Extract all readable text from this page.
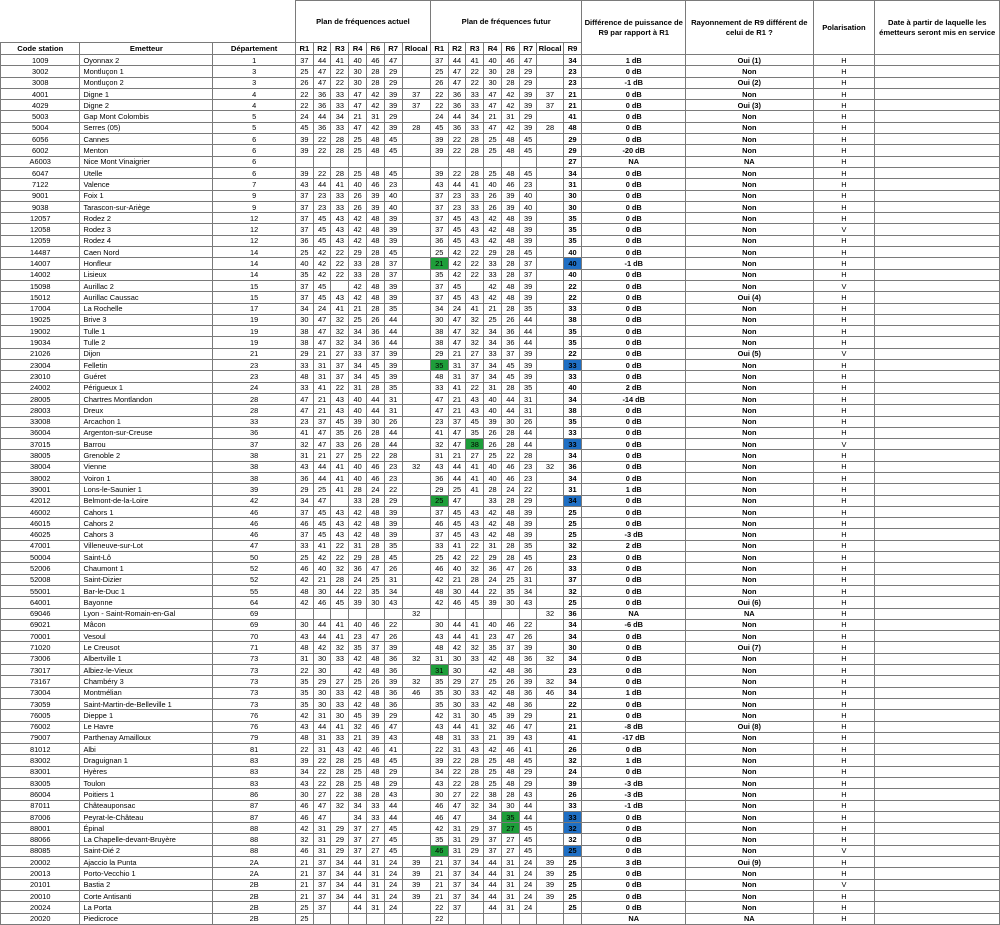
			Plan de fréquences actuel							Plan de fréquences futur								Différence de puissance de R9 par rapport à R1	Rayonnement de R9 différent de celui de R1 ?	Polarisation	Date à partir de laquelle les émetteurs seront mis en service
Code station	Emetteur	Département	R1	R2	R3	R4	R6	R7	Rlocal	R1	R2	R3	R4	R6	R7	Rlocal	R9				
1009	Oyonnax 2	1	37	44	41	40	46	47		37	44	41	40	46	47		34	1 dB	Oui (1)	H	
3002	Montluçon 1	3	25	47	22	30	28	29		25	47	22	30	28	29		23	0 dB	Non	H	
3008	Montluçon 2	3	26	47	22	30	28	29		26	47	22	30	28	29		23	-1 dB	Oui (2)	H	
4001	Digne 1	4	22	36	33	47	42	39	37	22	36	33	47	42	39	37	21	0 dB	Non	H	
4029	Digne 2	4	22	36	33	47	42	39	37	22	36	33	47	42	39	37	21	0 dB	Oui (3)	H	
5003	Gap Mont Colombis	5	24	44	34	21	31	29		24	44	34	21	31	29		41	0 dB	Non	H	
5004	Serres (05)	5	45	36	33	47	42	39	28	45	36	33	47	42	39	28	48	0 dB	Non	H	
6056	Cannes	6	39	22	28	25	48	45		39	22	28	25	48	45		29	0 dB	Non	H	
6002	Menton	6	39	22	28	25	48	45		39	22	28	25	48	45		29	-20 dB	Non	H	
A6003	Nice Mont Vinaigrier	6															27	NA	NA	H	
6047	Utelle	6	39	22	28	25	48	45		39	22	28	25	48	45		34	0 dB	Non	H	
7122	Valence	7	43	44	41	40	46	23		43	44	41	40	46	23		31	0 dB	Non	H	
9001	Foix 1	9	37	23	33	26	39	40		37	23	33	26	39	40		30	0 dB	Non	H	
9038	Tarascon-sur-Ariège	9	37	23	33	26	39	40		37	23	33	26	39	40		30	0 dB	Non	H	
12057	Rodez 2	12	37	45	43	42	48	39		37	45	43	42	48	39		35	0 dB	Non	H	
12058	Rodez 3	12	37	45	43	42	48	39		37	45	43	42	48	39		35	0 dB	Non	V	
12059	Rodez 4	12	36	45	43	42	48	39		36	45	43	42	48	39		35	0 dB	Non	H	
14487	Caen Nord	14	25	42	22	29	28	45		25	42	22	29	28	45		40	0 dB	Non	H	
14007	Honfleur	14	40	42	22	33	28	37		21	42	22	33	28	37		40	-1 dB	Non	H	
14002	Lisieux	14	35	42	22	33	28	37		35	42	22	33	28	37		40	0 dB	Non	H	
15098	Aurillac 2	15	37	45		42	48	39		37	45		42	48	39		22	0 dB	Non	V	
15012	Aurillac Caussac	15	37	45	43	42	48	39		37	45	43	42	48	39		22	0 dB	Oui (4)	H	
17004	La Rochelle	17	34	24	41	21	28	35		34	24	41	21	28	35		33	0 dB	Non	H	
19025	Brive 3	19	30	47	32	25	26	44		30	47	32	25	26	44		38	0 dB	Non	H	
19002	Tulle 1	19	38	47	32	34	36	44		38	47	32	34	36	44		35	0 dB	Non	H	
19034	Tulle 2	19	38	47	32	34	36	44		38	47	32	34	36	44		35	0 dB	Non	H	
21026	Dijon	21	29	21	27	33	37	39		29	21	27	33	37	39		22	0 dB	Oui (5)	V	
23004	Felletin	23	33	31	37	34	45	39		35	31	37	34	45	39		33	0 dB	Non	H	
23010	Guéret	23	48	31	37	34	45	39		48	31	37	34	45	39		33	0 dB	Non	H	
24002	Périgueux 1	24	33	41	22	31	28	35		33	41	22	31	28	35		40	2 dB	Non	H	
28005	Chartres Montlandon	28	47	21	43	40	44	31		47	21	43	40	44	31		34	-14 dB	Non	H	
28003	Dreux	28	47	21	43	40	44	31		47	21	43	40	44	31		38	0 dB	Non	H	
33008	Arcachon 1	33	23	37	45	39	30	26		23	37	45	39	30	26		35	0 dB	Non	H	
36004	Argenton-sur-Creuse	36	41	47	35	26	28	44		41	47	35	26	28	44		33	0 dB	Non	H	
37015	Barrou	37	32	47	33	26	28	44		32	47	38	26	28	44		33	0 dB	Non	V	
38005	Grenoble 2	38	31	21	27	25	22	28		31	21	27	25	22	28		34	0 dB	Non	H	
38004	Vienne	38	43	44	41	40	46	23	32	43	44	41	40	46	23	32	36	0 dB	Non	H	
38002	Voiron 1	38	36	44	41	40	46	23		36	44	41	40	46	23		34	0 dB	Non	H	
39001	Lons-le-Saunier 1	39	29	25	41	28	24	22		29	25	41	28	24	22		31	1 dB	Non	H	
42012	Belmont-de-la-Loire	42	34	47		33	28	29		25	47		33	28	29		34	0 dB	Non	H	
46002	Cahors 1	46	37	45	43	42	48	39		37	45	43	42	48	39		25	0 dB	Non	H	
46015	Cahors 2	46	46	45	43	42	48	39		46	45	43	42	48	39		25	0 dB	Non	H	
46025	Cahors 3	46	37	45	43	42	48	39		37	45	43	42	48	39		25	-3 dB	Non	H	
47001	Villeneuve-sur-Lot	47	33	41	22	31	28	35		33	41	22	31	28	35		32	2 dB	Non	H	
50004	Saint-Lô	50	25	42	22	29	28	45		25	42	22	29	28	45		23	0 dB	Non	H	
52006	Chaumont 1	52	46	40	32	36	47	26		46	40	32	36	47	26		33	0 dB	Non	H	
52008	Saint-Dizier	52	42	21	28	24	25	31		42	21	28	24	25	31		37	0 dB	Non	H	
55001	Bar-le-Duc 1	55	48	30	44	22	35	34		48	30	44	22	35	34		32	0 dB	Non	H	
64001	Bayonne	64	42	46	45	39	30	43		42	46	45	39	30	43		25	0 dB	Oui (6)	H	
69046	Lyon - Saint-Romain-en-Gal	69							32							32	36	NA	NA	H	
69021	Mâcon	69	30	44	41	40	46	22		30	44	41	40	46	22		34	-6 dB	Non	H	
70001	Vesoul	70	43	44	41	23	47	26		43	44	41	23	47	26		34	0 dB	Non	H	
71020	Le Creusot	71	48	42	32	35	37	39		48	42	32	35	37	39		30	0 dB	Oui (7)	H	
73006	Albertville 1	73	31	30	33	42	48	36	32	31	30	33	42	48	36	32	34	0 dB	Non	H	
73017	Albiez-le-Vieux	73	22	30		42	48	36		31	30		42	48	36		23	0 dB	Non	H	
73167	Chambéry 3	73	35	29	27	25	26	39	32	35	29	27	25	26	39	32	34	0 dB	Non	H	
73004	Montmélian	73	35	30	33	42	48	36	46	35	30	33	42	48	36	46	34	1 dB	Non	H	
73059	Saint-Martin-de-Belleville 1	73	35	30	33	42	48	36		35	30	33	42	48	36		22	0 dB	Non	H	
76005	Dieppe 1	76	42	31	30	45	39	29		42	31	30	45	39	29		21	0 dB	Non	H	
76002	Le Havre	76	43	44	41	32	46	47		43	44	41	32	46	47		21	-8 dB	Oui (8)	H	
79007	Parthenay Amailloux	79	48	31	33	21	39	43		48	31	33	21	39	43		41	-17 dB	Non	H	
81012	Albi	81	22	31	43	42	46	41		22	31	43	42	46	41		26	0 dB	Non	H	
83002	Draguignan 1	83	39	22	28	25	48	45		39	22	28	25	48	45		32	1 dB	Non	H	
83001	Hyères	83	34	22	28	25	48	29		34	22	28	25	48	29		24	0 dB	Non	H	
83005	Toulon	83	43	22	28	25	48	29		43	22	28	25	48	29		39	-3 dB	Non	H	
86004	Poitiers 1	86	30	27	22	38	28	43		30	27	22	38	28	43		26	-3 dB	Non	H	
87011	Châteauponsac	87	46	47	32	34	33	44		46	47	32	34	30	44		33	-1 dB	Non	H	
87006	Peyrat-le-Château	87	46	47		34	33	44		46	47		34	35	44		33	0 dB	Non	H	
88001	Épinal	88	42	31	29	37	27	45		42	31	29	37	27	45		32	0 dB	Non	H	
88066	La Chapelle-devant-Bruyère	88	32	31	29	37	27	45		35	31	29	37	27	45		32	0 dB	Non	H	
88085	Saint-Dié 2	88	46	31	29	37	27	45		46	31	29	37	27	45		25	0 dB	Non	V	
20002	Ajaccio la Punta	2A	21	37	34	44	31	24	39	21	37	34	44	31	24	39	25	3 dB	Oui (9)	H	
20013	Porto-Vecchio 1	2A	21	37	34	44	31	24	39	21	37	34	44	31	24	39	25	0 dB	Non	H	
20101	Bastia 2	2B	21	37	34	44	31	24	39	21	37	34	44	31	24	39	25	0 dB	Non	V	
20010	Corte Antisanti	2B	21	37	34	44	31	24	39	21	37	34	44	31	24	39	25	0 dB	Non	H	
20024	La Porta	2B	25	37		44	31	24		22	37		44	31	24		25	0 dB	Non	H	
20020	Piedicroce	2B	25							22								NA	NA	H	
